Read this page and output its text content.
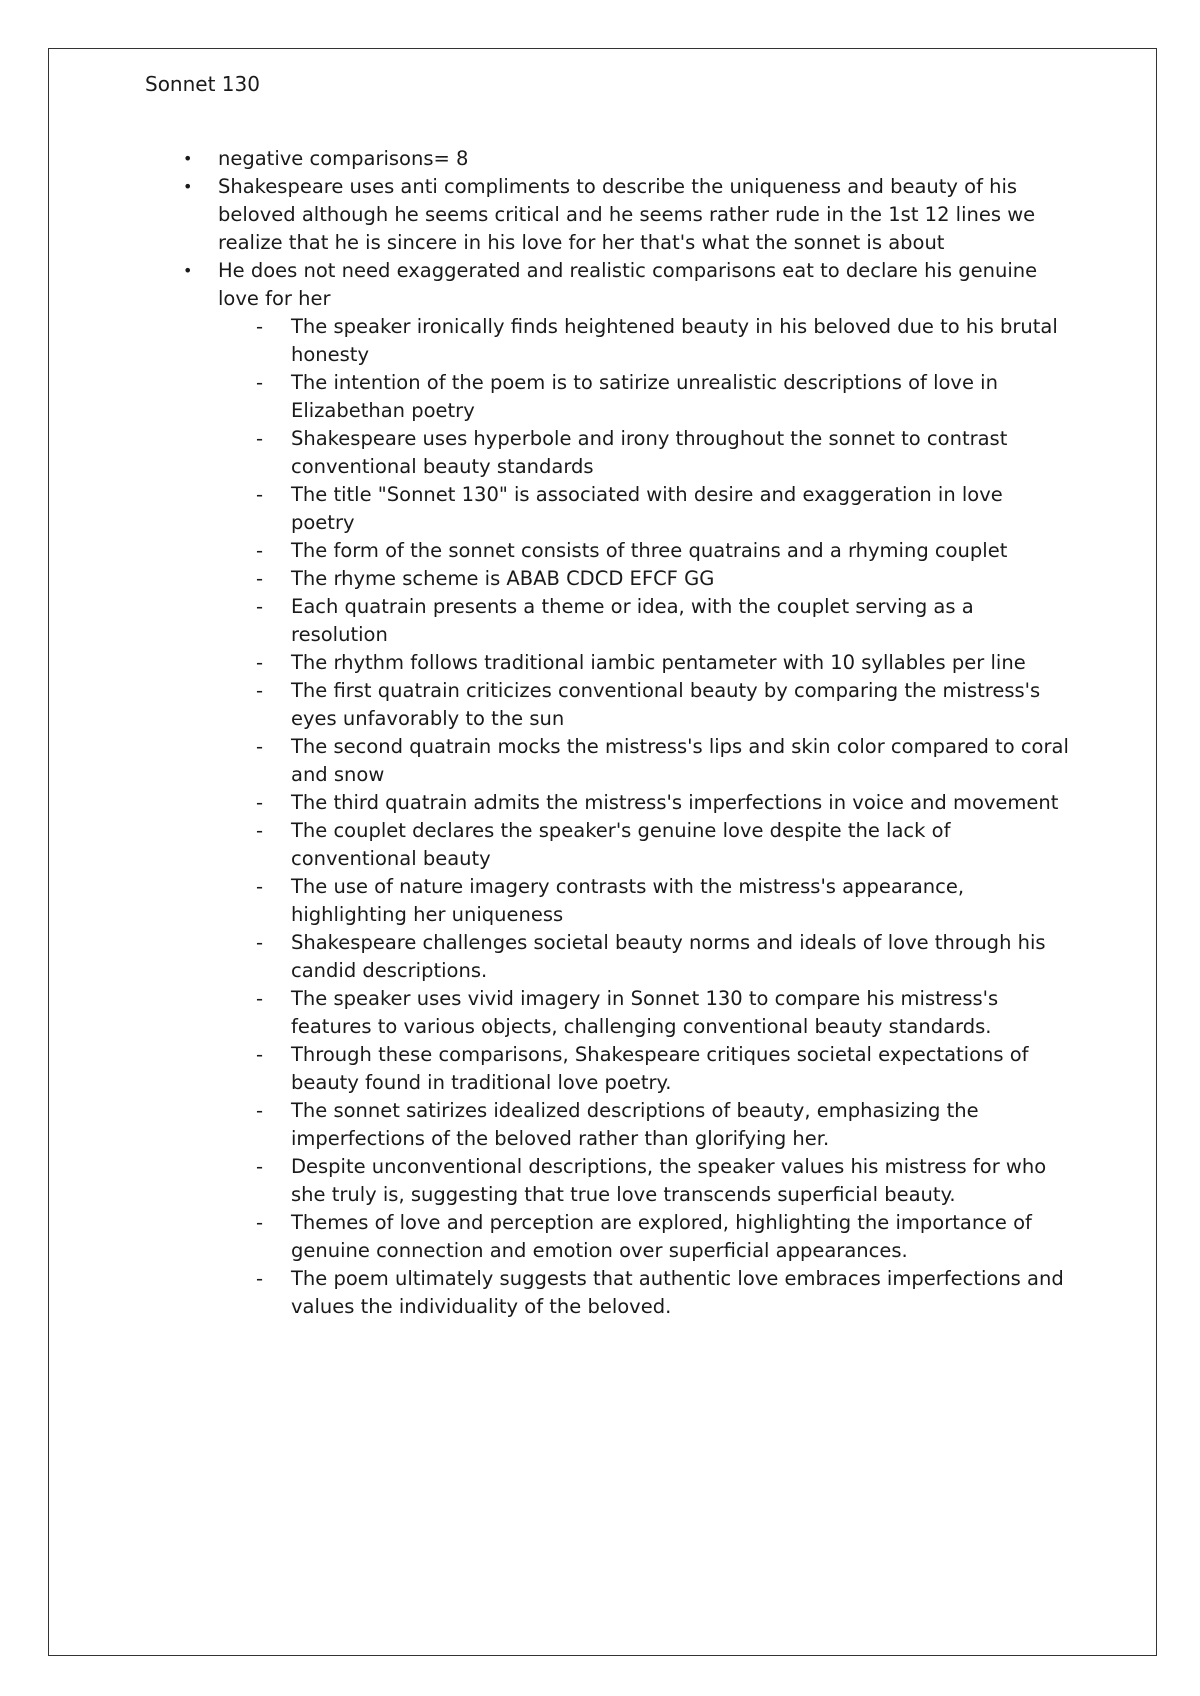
Sonnet 130
• negative comparisons= 8
• Shakespeare uses anti compliments to describe the uniqueness and beauty of his beloved although he seems critical and he seems rather rude in the 1st 12 lines we realize that he is sincere in his love for her that's what the sonnet is about
• He does not need exaggerated and realistic comparisons eat to declare his genuine love for her
- The speaker ironically finds heightened beauty in his beloved due to his brutal honesty
- The intention of the poem is to satirize unrealistic descriptions of love in Elizabethan poetry
- Shakespeare uses hyperbole and irony throughout the sonnet to contrast conventional beauty standards
- The title "Sonnet 130" is associated with desire and exaggeration in love poetry
- The form of the sonnet consists of three quatrains and a rhyming couplet
- The rhyme scheme is ABAB CDCD EFCF GG
- Each quatrain presents a theme or idea, with the couplet serving as a resolution
- The rhythm follows traditional iambic pentameter with 10 syllables per line
- The first quatrain criticizes conventional beauty by comparing the mistress's eyes unfavorably to the sun
- The second quatrain mocks the mistress's lips and skin color compared to coral and snow
- The third quatrain admits the mistress's imperfections in voice and movement
- The couplet declares the speaker's genuine love despite the lack of conventional beauty
- The use of nature imagery contrasts with the mistress's appearance, highlighting her uniqueness
- Shakespeare challenges societal beauty norms and ideals of love through his candid descriptions.
- The speaker uses vivid imagery in Sonnet 130 to compare his mistress's features to various objects, challenging conventional beauty standards.
- Through these comparisons, Shakespeare critiques societal expectations of beauty found in traditional love poetry.
- The sonnet satirizes idealized descriptions of beauty, emphasizing the imperfections of the beloved rather than glorifying her.
- Despite unconventional descriptions, the speaker values his mistress for who she truly is, suggesting that true love transcends superficial beauty.
- Themes of love and perception are explored, highlighting the importance of genuine connection and emotion over superficial appearances.
- The poem ultimately suggests that authentic love embraces imperfections and values the individuality of the beloved.
